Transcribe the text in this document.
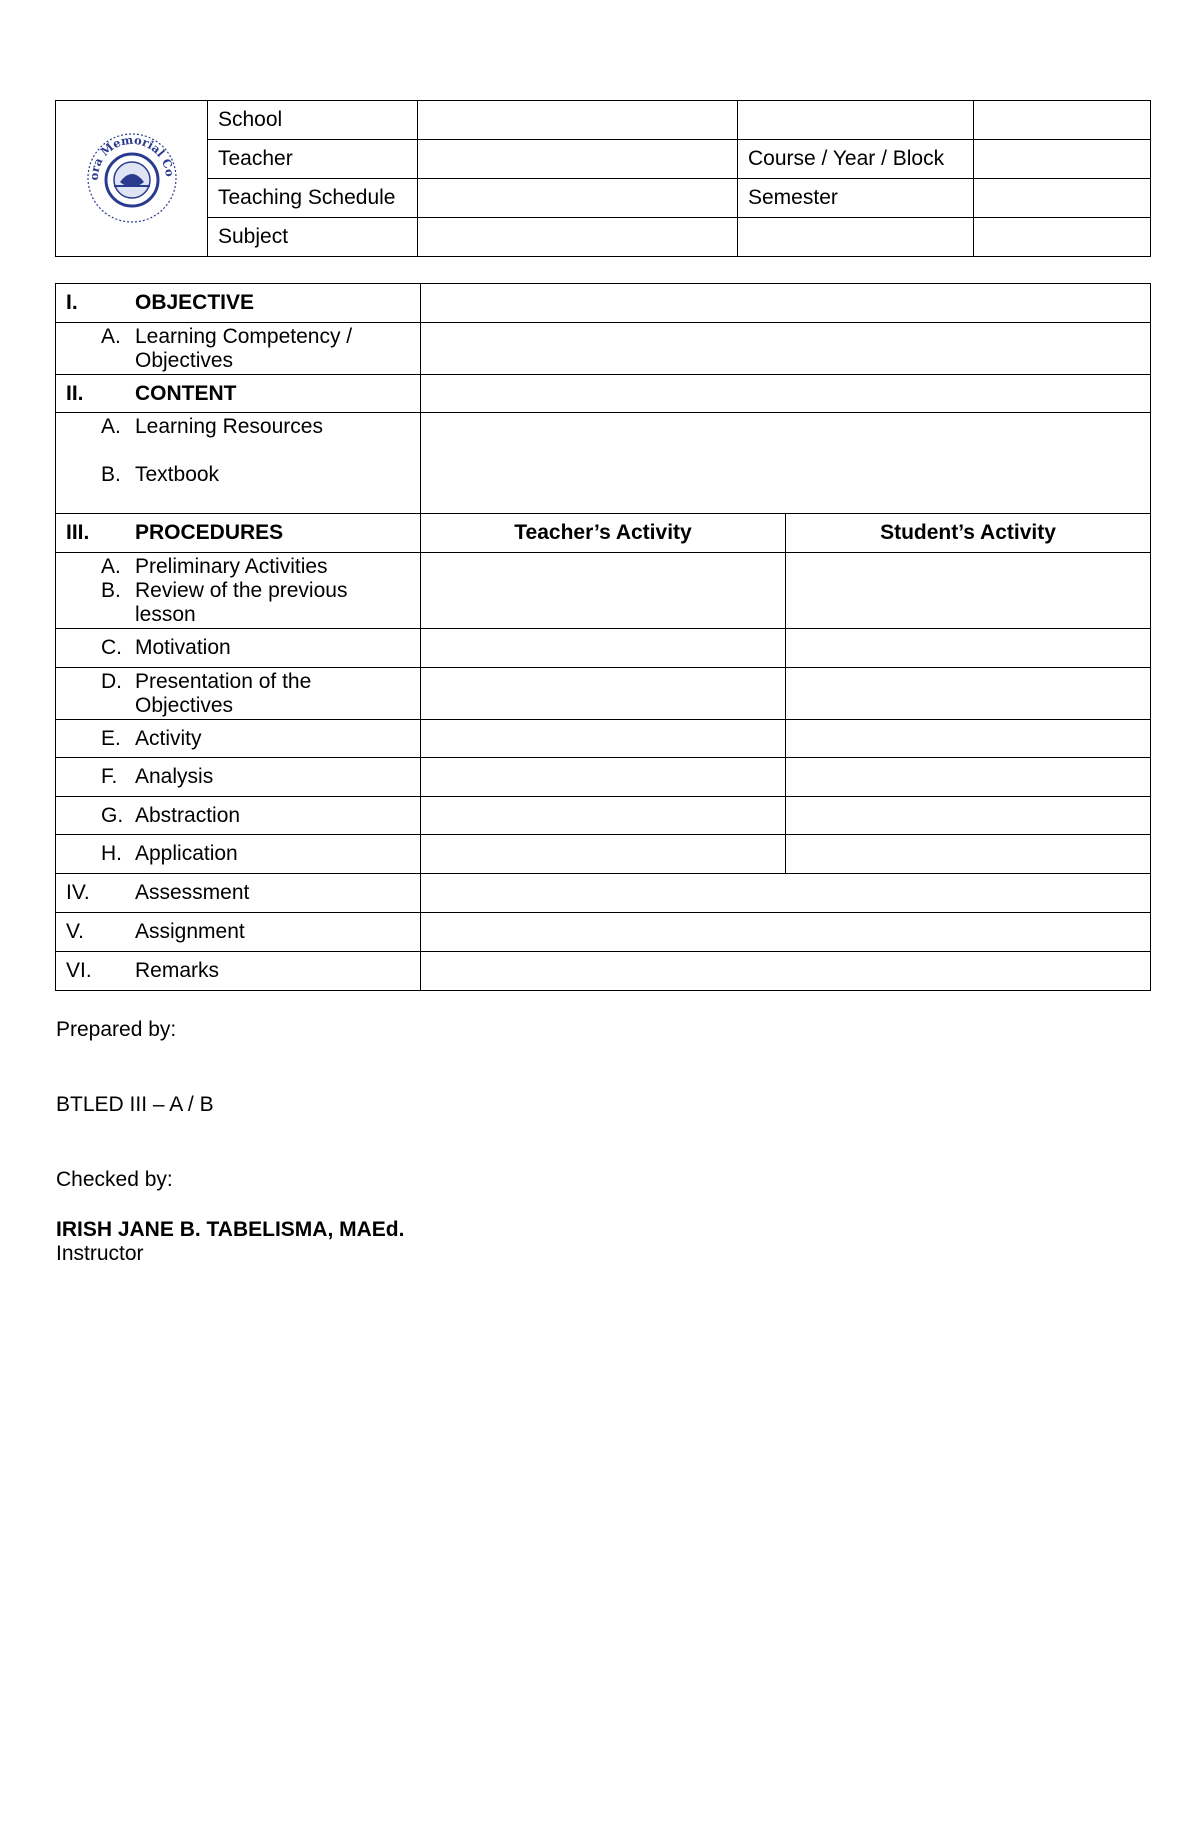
ora Memorial Co	School			
	Teacher		Course / Year / Block	
	Teaching Schedule		Semester	
	Subject			
I. OBJECTIVE		

A. Learning Competency / Objectives		

II. CONTENT		

A. Learning Resources
B. Textbook		

III. PROCEDURES	Teacher’s Activity	Student’s Activity

A. Preliminary Activities
B. Review of the previous lesson		

C. Motivation		

D. Presentation of the Objectives		

E. Activity		

F. Analysis		

G. Abstraction		

H. Application		

IV. Assessment		

V. Assignment		

VI. Remarks		

Prepared by:
BTLED III – A / B
Checked by:
IRISH JANE B. TABELISMA, MAEd.
Instructor
